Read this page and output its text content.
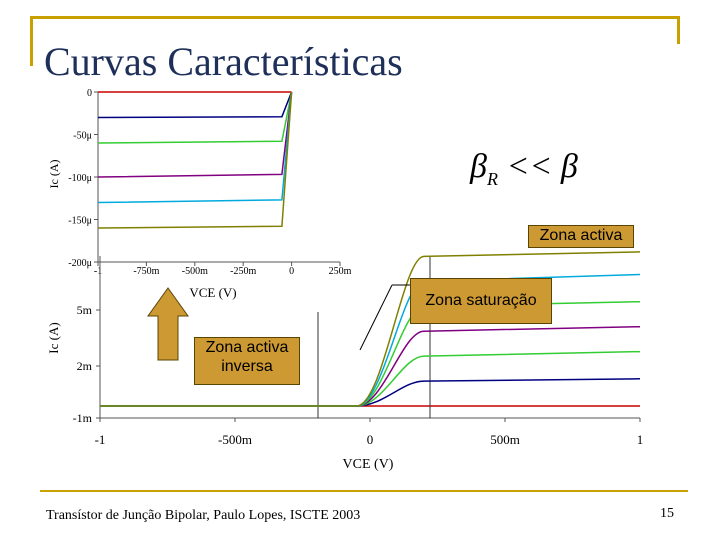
Curvas Características
0
-50μ
-100μ
-150μ
-200μ
-1	-750m -500m -250m	0	250m
Ic (A)
VCE (V)
5m
2m
-1m
-1	-500m	0	500m	1
Ic (A)
VCE (V)
$\beta_R << \beta$
Zona activa
Zona saturação
Zona activa
inversa
Transístor de Junção Bipolar, Paulo Lopes, ISCTE 2003	15
